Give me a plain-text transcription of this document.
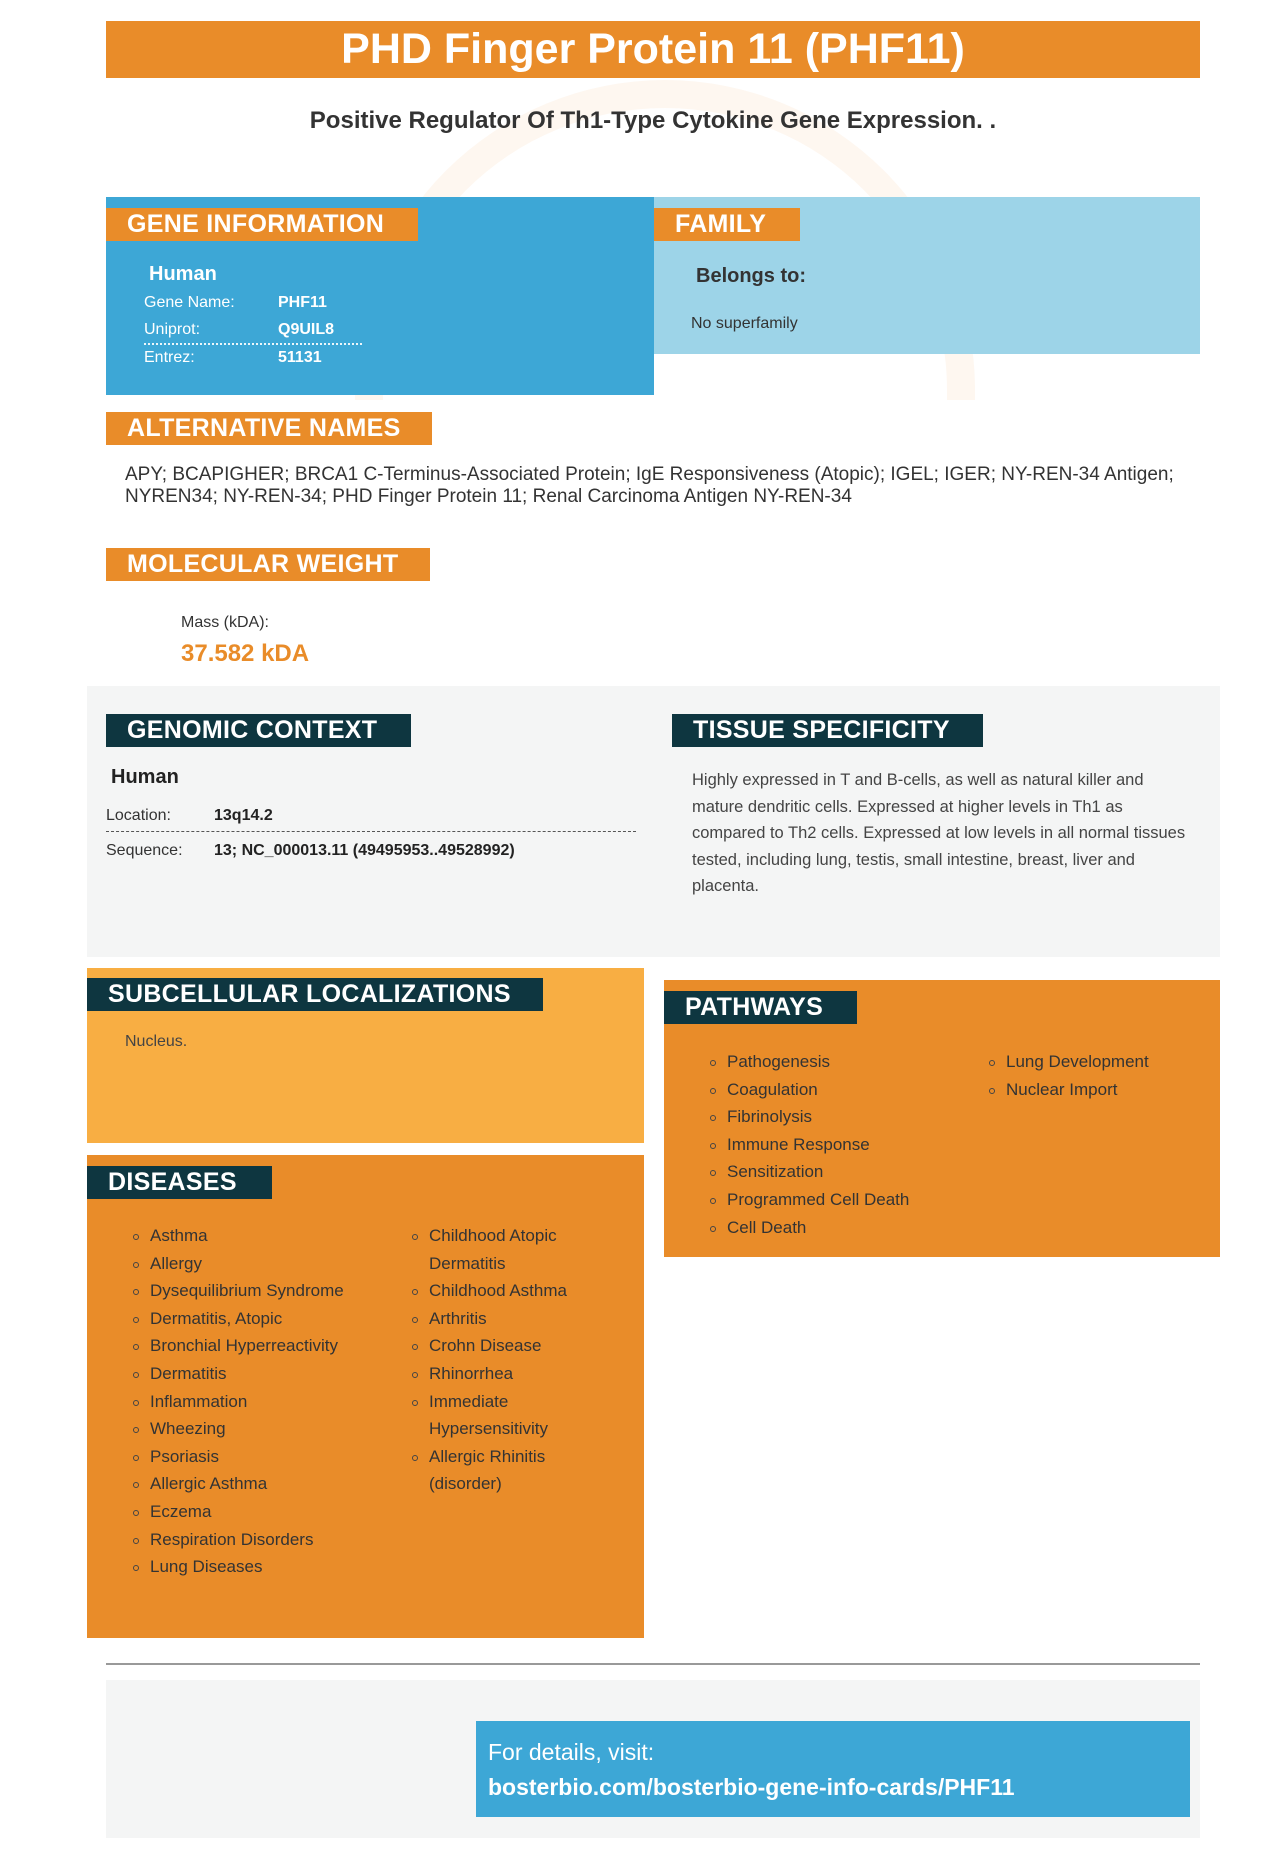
PHD Finger Protein 11 (PHF11)
Positive Regulator Of Th1-Type Cytokine Gene Expression. .
GENE INFORMATION
Human
Gene Name:	PHF11
Uniprot:	Q9UIL8
Entrez:	51131
FAMILY
Belongs to:
No superfamily
ALTERNATIVE NAMES
APY; BCAPIGHER; BRCA1 C-Terminus-Associated Protein; IgE Responsiveness (Atopic); IGEL; IGER; NY-REN-34 Antigen; NYREN34; NY-REN-34; PHD Finger Protein 11; Renal Carcinoma Antigen NY-REN-34
MOLECULAR WEIGHT
Mass (kDA):
37.582 kDA
GENOMIC CONTEXT
Human
Location:	13q14.2
Sequence: 13; NC_000013.11 (49495953..49528992)
TISSUE SPECIFICITY
Highly expressed in T and B-cells, as well as natural killer and mature dendritic cells. Expressed at higher levels in Th1 as compared to Th2 cells. Expressed at low levels in all normal tissues tested, including lung, testis, small intestine, breast, liver and placenta.
SUBCELLULAR LOCALIZATIONS
Nucleus.
DISEASES
Asthma
Allergy
Dysequilibrium Syndrome
Dermatitis, Atopic
Bronchial Hyperreactivity
Dermatitis
Inflammation
Wheezing
Psoriasis
Allergic Asthma
Eczema
Respiration Disorders
Lung Diseases
Childhood Atopic Dermatitis
Childhood Asthma
Arthritis
Crohn Disease
Rhinorrhea
Immediate Hypersensitivity
Allergic Rhinitis (disorder)
PATHWAYS
Pathogenesis
Coagulation
Fibrinolysis
Immune Response
Sensitization
Programmed Cell Death
Cell Death
Lung Development
Nuclear Import
For details, visit:
bosterbio.com/bosterbio-gene-info-cards/PHF11
